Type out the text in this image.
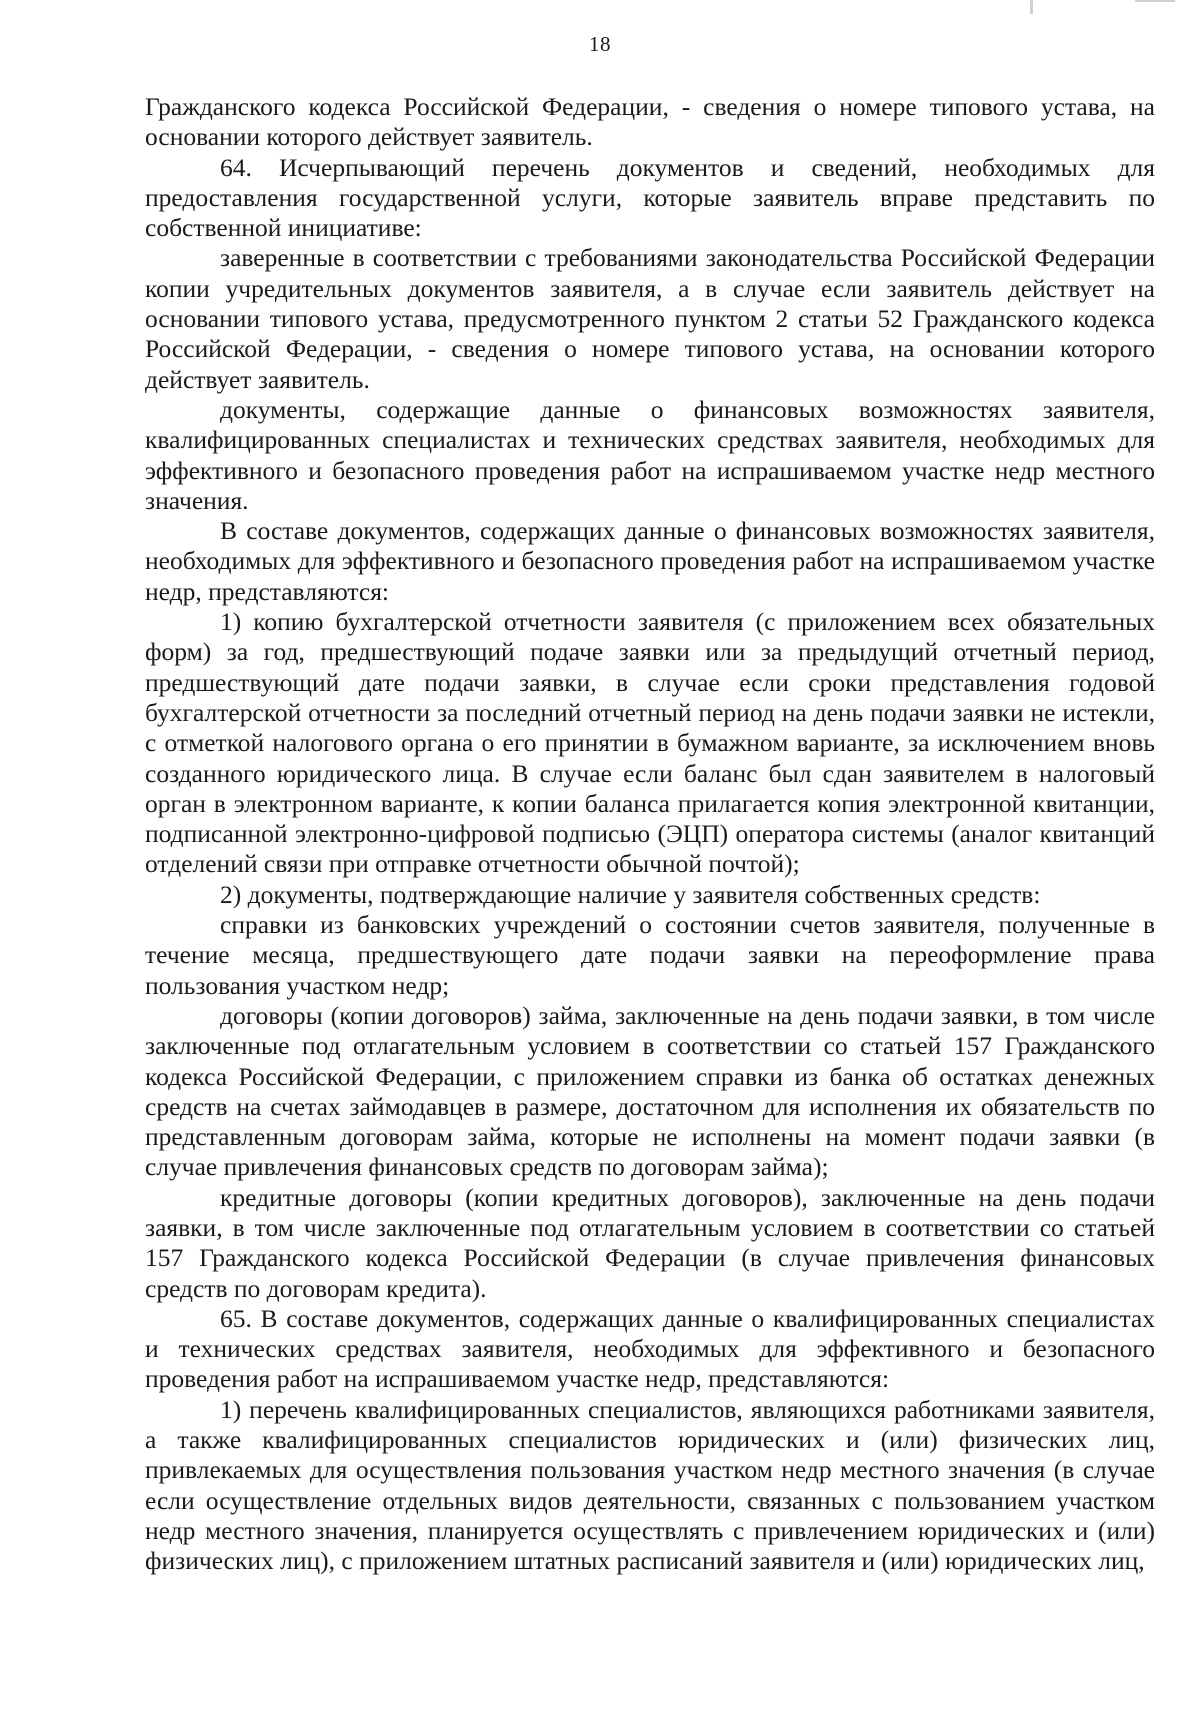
18

Гражданского кодекса Российской Федерации, - сведения о номере типового устава, на основании которого действует заявитель.

64. Исчерпывающий перечень документов и сведений, необходимых для предоставления государственной услуги, которые заявитель вправе представить по собственной инициативе:

заверенные в соответствии с требованиями законодательства Российской Федерации копии учредительных документов заявителя, а в случае если заявитель действует на основании типового устава, предусмотренного пунктом 2 статьи 52 Гражданского кодекса Российской Федерации, - сведения о номере типового устава, на основании которого действует заявитель.

документы, содержащие данные о финансовых возможностях заявителя, квалифицированных специалистах и технических средствах заявителя, необходимых для эффективного и безопасного проведения работ на испрашиваемом участке недр местного значения.

В составе документов, содержащих данные о финансовых возможностях заявителя, необходимых для эффективного и безопасного проведения работ на испрашиваемом участке недр, представляются:

1) копию бухгалтерской отчетности заявителя (с приложением всех обязательных форм) за год, предшествующий подаче заявки или за предыдущий отчетный период, предшествующий дате подачи заявки, в случае если сроки представления годовой бухгалтерской отчетности за последний отчетный период на день подачи заявки не истекли, с отметкой налогового органа о его принятии в бумажном варианте, за исключением вновь созданного юридического лица. В случае если баланс был сдан заявителем в налоговый орган в электронном варианте, к копии баланса прилагается копия электронной квитанции, подписанной электронно-цифровой подписью (ЭЦП) оператора системы (аналог квитанций отделений связи при отправке отчетности обычной почтой);

2) документы, подтверждающие наличие у заявителя собственных средств:

справки из банковских учреждений о состоянии счетов заявителя, полученные в течение месяца, предшествующего дате подачи заявки на переоформление права пользования участком недр;

договоры (копии договоров) займа, заключенные на день подачи заявки, в том числе заключенные под отлагательным условием в соответствии со статьей 157 Гражданского кодекса Российской Федерации, с приложением справки из банка об остатках денежных средств на счетах займодавцев в размере, достаточном для исполнения их обязательств по представленным договорам займа, которые не исполнены на момент подачи заявки (в случае привлечения финансовых средств по договорам займа);

кредитные договоры (копии кредитных договоров), заключенные на день подачи заявки, в том числе заключенные под отлагательным условием в соответствии со статьей 157 Гражданского кодекса Российской Федерации (в случае привлечения финансовых средств по договорам кредита).

65. В составе документов, содержащих данные о квалифицированных специалистах и технических средствах заявителя, необходимых для эффективного и безопасного проведения работ на испрашиваемом участке недр, представляются:

1) перечень квалифицированных специалистов, являющихся работниками заявителя, а также квалифицированных специалистов юридических и (или) физических лиц, привлекаемых для осуществления пользования участком недр местного значения (в случае если осуществление отдельных видов деятельности, связанных с пользованием участком недр местного значения, планируется осуществлять с привлечением юридических и (или) физических лиц), с приложением штатных расписаний заявителя и (или) юридических лиц,
